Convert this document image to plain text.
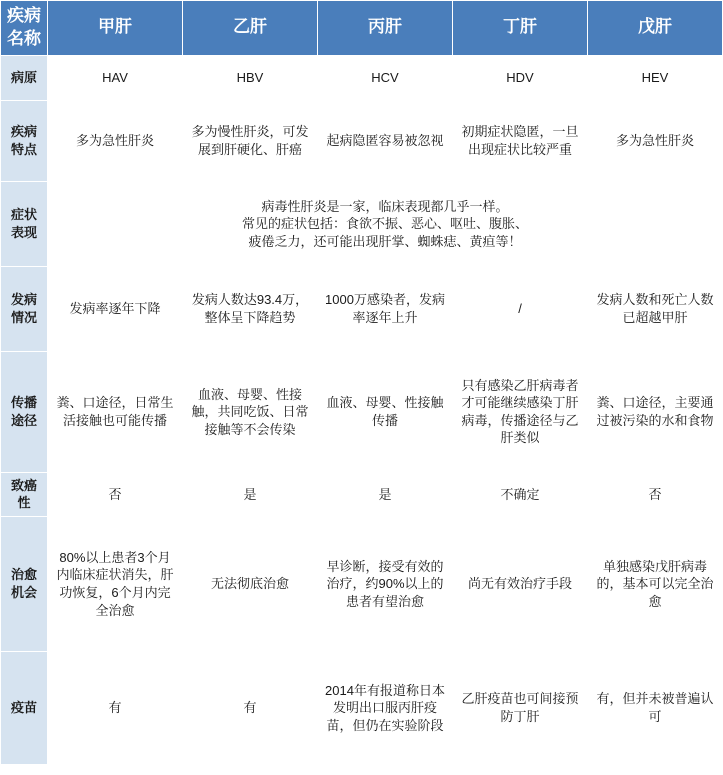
疾病名称	甲肝	乙肝	丙肝	丁肝	戊肝
病原	HAV	HBV	HCV	HDV	HEV
疾病特点	多为急性肝炎	多为慢性肝炎，可发展到肝硬化、肝癌	起病隐匿容易被忽视	初期症状隐匿，一旦出现症状比较严重	多为急性肝炎
症状表现	病毒性肝炎是一家，临床表现都几乎一样。
常见的症状包括：食欲不振、恶心、呕吐、腹胀、
疲倦乏力，还可能出现肝掌、蜘蛛痣、黄疸等！				

发病情况	发病率逐年下降	发病人数达93.4万，整体呈下降趋势	1000万感染者，发病率逐年上升	/	发病人数和死亡人数已超越甲肝
传播途径	粪、口途径，日常生活接触也可能传播	血液、母婴、性接触，共同吃饭、日常接触等不会传染	血液、母婴、性接触传播	只有感染乙肝病毒者才可能继续感染丁肝病毒，传播途径与乙肝类似	粪、口途径，主要通过被污染的水和食物
致癌性	否	是	是	不确定	否
治愈机会	80%以上患者3个月内临床症状消失，肝功恢复，6个月内完全治愈	无法彻底治愈	早诊断，接受有效的治疗，约90%以上的患者有望治愈	尚无有效治疗手段	单独感染戊肝病毒的，基本可以完全治愈
疫苗	有	有	2014年有报道称日本发明出口服丙肝疫苗，但仍在实验阶段	乙肝疫苗也可间接预防丁肝	有，但并未被普遍认可
